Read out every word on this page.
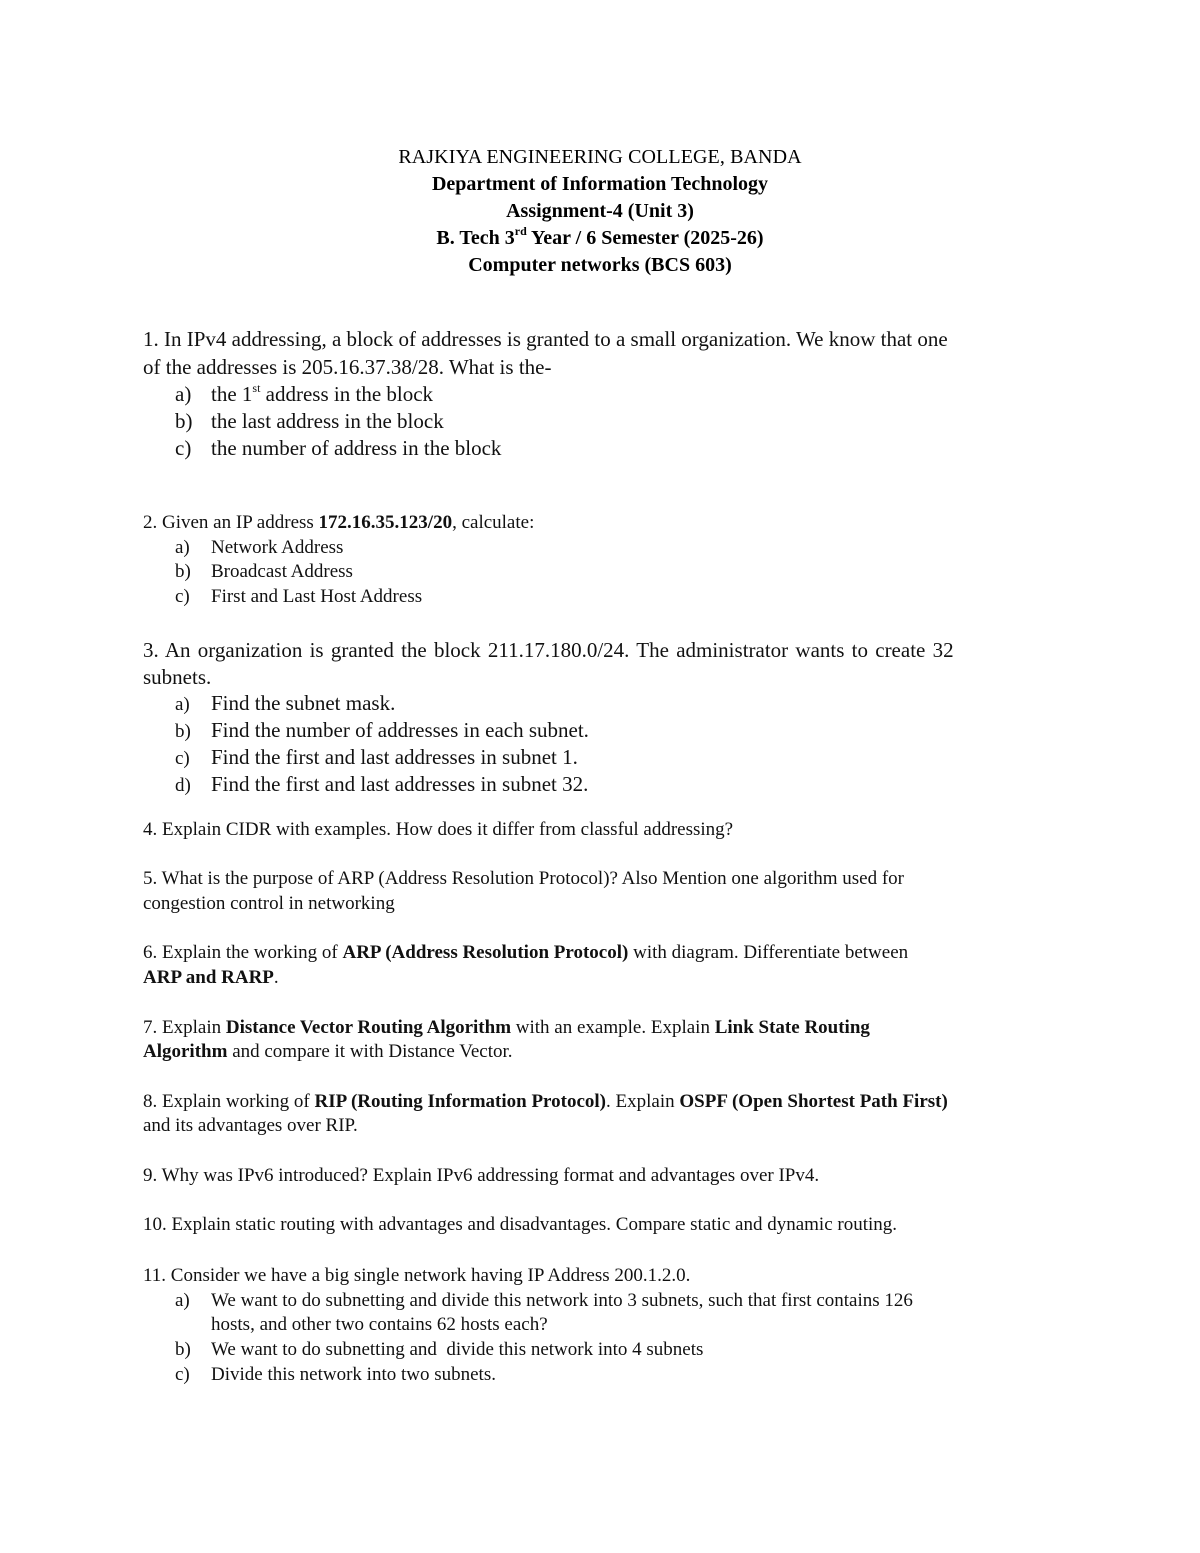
RAJKIYA ENGINEERING COLLEGE, BANDA
Department of Information Technology
Assignment-4 (Unit 3)
B. Tech 3rd Year / 6 Semester (2025-26)
Computer networks (BCS 603)
1. In IPv4 addressing, a block of addresses is granted to a small organization. We know that one
of the addresses is 205.16.37.38/28. What is the-
a) the 1st address in the block
b) the last address in the block
c) the number of address in the block
2. Given an IP address 172.16.35.123/20, calculate:
a) Network Address
b) Broadcast Address
c) First and Last Host Address
3. An organization is granted the block 211.17.180.0/24. The administrator wants to create 32
subnets.
a) Find the subnet mask.
b) Find the number of addresses in each subnet.
c) Find the first and last addresses in subnet 1.
d) Find the first and last addresses in subnet 32.
4. Explain CIDR with examples. How does it differ from classful addressing?
5. What is the purpose of ARP (Address Resolution Protocol)? Also Mention one algorithm used for
congestion control in networking
6. Explain the working of ARP (Address Resolution Protocol) with diagram. Differentiate between
ARP and RARP.
7. Explain Distance Vector Routing Algorithm with an example. Explain Link State Routing
Algorithm and compare it with Distance Vector.
8. Explain working of RIP (Routing Information Protocol). Explain OSPF (Open Shortest Path First)
and its advantages over RIP.
9. Why was IPv6 introduced? Explain IPv6 addressing format and advantages over IPv4.
10. Explain static routing with advantages and disadvantages. Compare static and dynamic routing.
11. Consider we have a big single network having IP Address 200.1.2.0.
a) We want to do subnetting and divide this network into 3 subnets, such that first contains 126
hosts, and other two contains 62 hosts each?
b) We want to do subnetting and  divide this network into 4 subnets
c) Divide this network into two subnets.
